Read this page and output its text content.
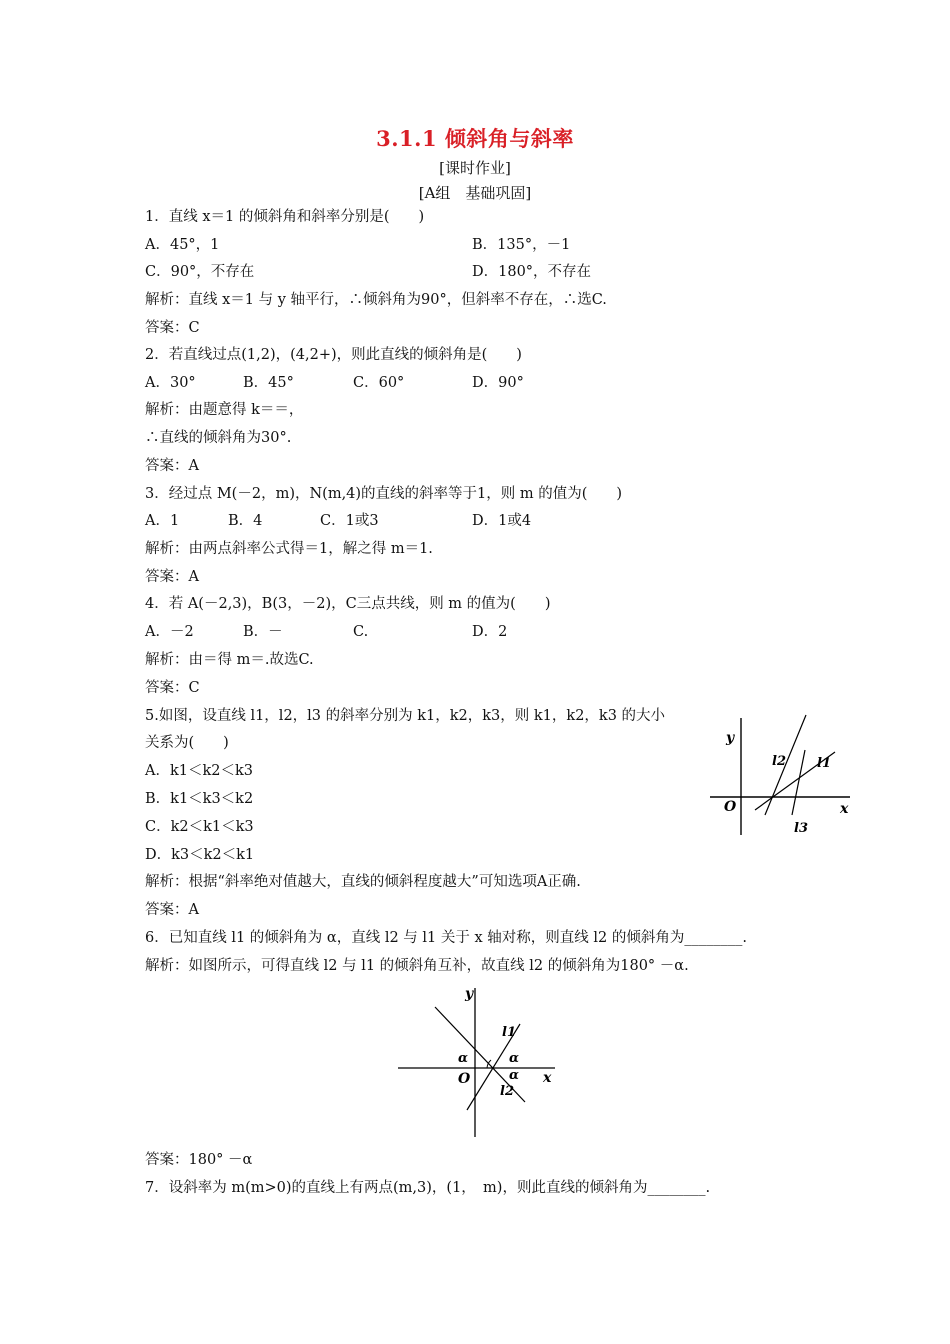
3.1.1 倾斜角与斜率
[课时作业]
[A组　基础巩固]
1．直线 x＝1 的倾斜角和斜率分别是(　　)
A．45°，1	B．135°，－1
C．90°，不存在	D．180°，不存在
解析：直线 x＝1 与 y 轴平行，∴倾斜角为90°，但斜率不存在，∴选C.
答案：C
2．若直线过点(1,2)，(4,2+)，则此直线的倾斜角是(　　)
A．30°	B．45°	C．60°	D．90°
解析：由题意得 k＝＝，
∴直线的倾斜角为30°.
答案：A
3．经过点 M(－2，m)，N(m,4)的直线的斜率等于1，则 m 的值为(　　)
A．1	B．4	C．1或3	D．1或4
解析：由两点斜率公式得＝1，解之得 m＝1.
答案：A
4．若 A(－2,3)，B(3，－2)，C三点共线，则 m 的值为(　　)
A．－2	B．－	C.	D．2
解析：由＝得 m＝.故选C.
答案：C
5.如图，设直线 l1，l2，l3 的斜率分别为 k1，k2，k3，则 k1，k2，k3 的大小
关系为(　　)
A．k1＜k2＜k3
B．k1＜k3＜k2
C．k2＜k1＜k3
D．k3＜k2＜k1
解析：根据“斜率绝对值越大，直线的倾斜程度越大”可知选项A正确.
答案：A
y
x
O
l1
l2
l3
6．已知直线 l1 的倾斜角为 α，直线 l2 与 l1 关于 x 轴对称，则直线 l2 的倾斜角为________.
解析：如图所示，可得直线 l2 与 l1 的倾斜角互补，故直线 l2 的倾斜角为180° －α.
y
x
O
l1
l2
α	α
α
答案：180° －α
7．设斜率为 m(m>0)的直线上有两点(m,3)，(1，　m)，则此直线的倾斜角为________.
